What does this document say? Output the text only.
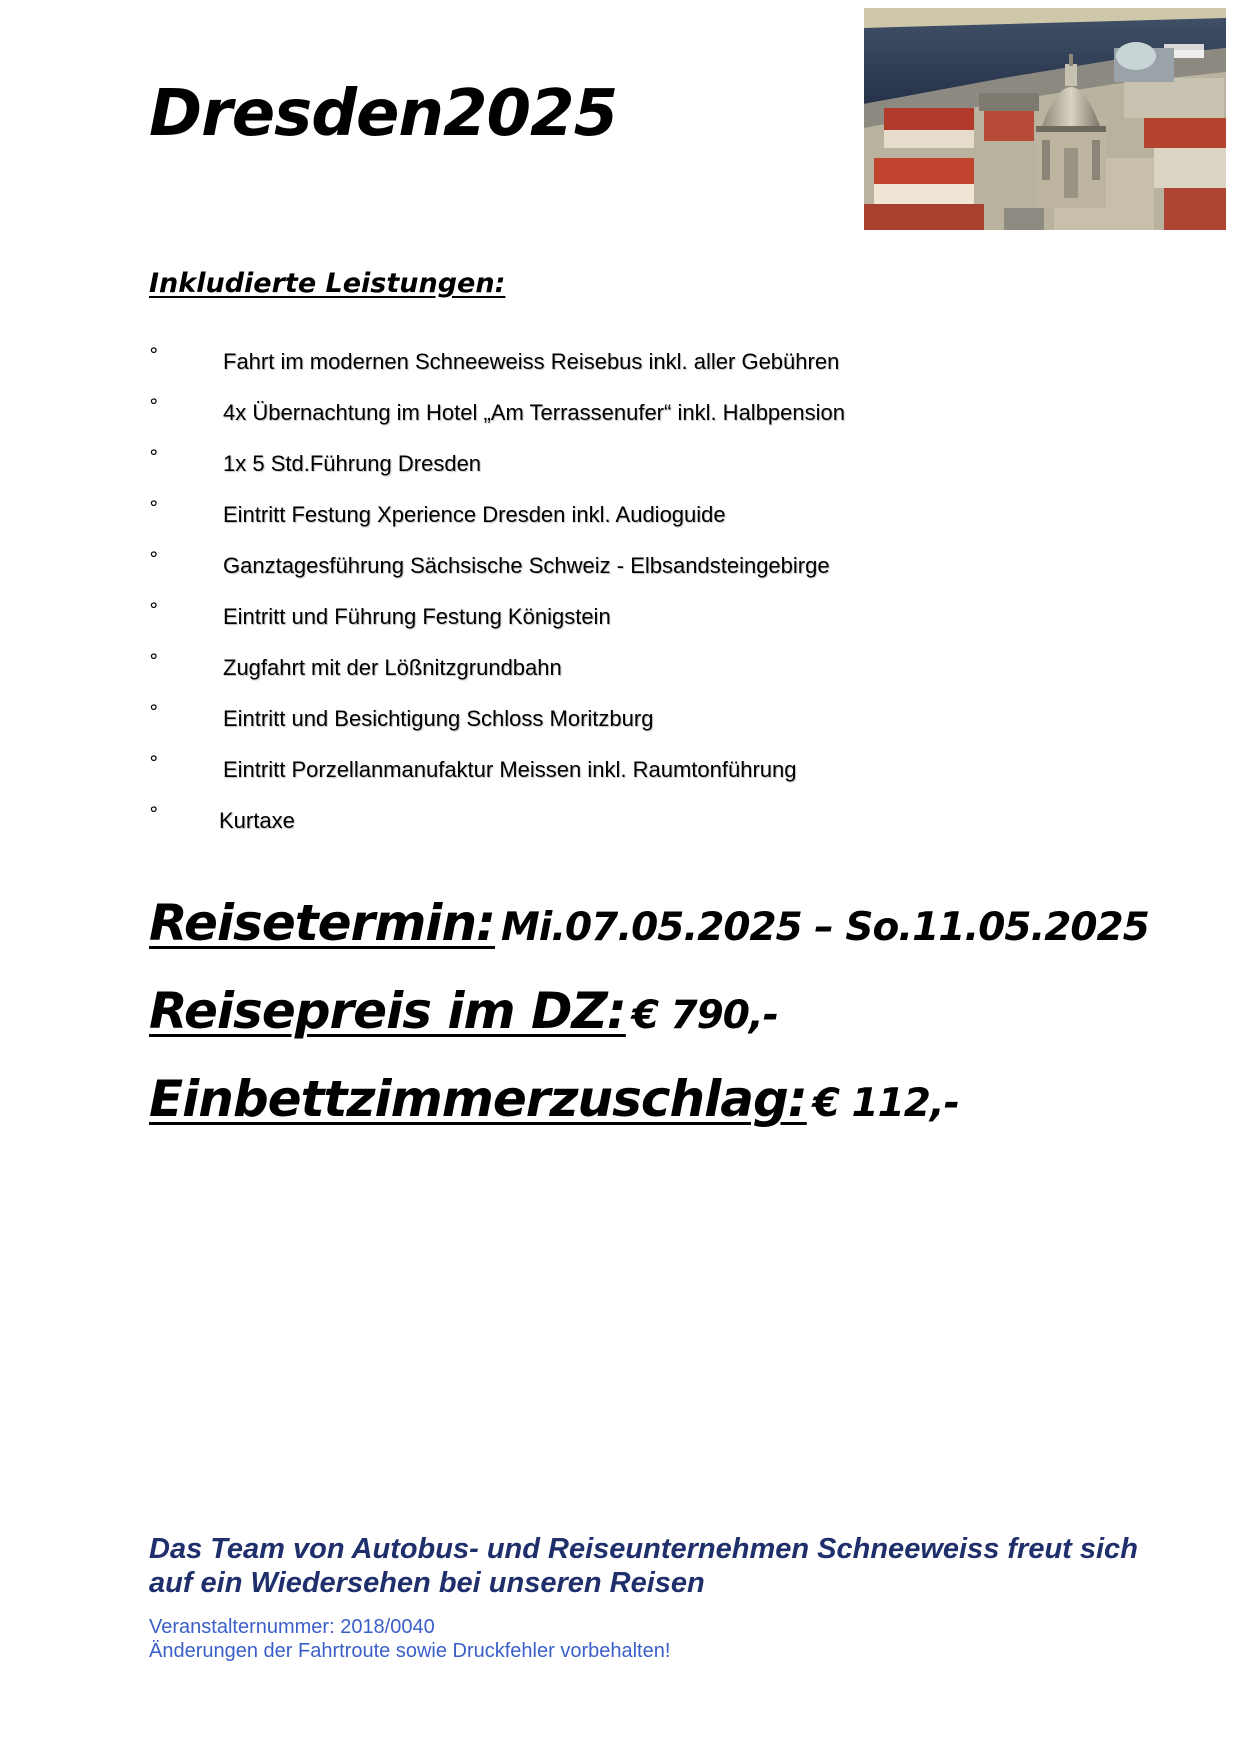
Dresden2025
Inkludierte Leistungen:
°	Fahrt im modernen Schneeweiss Reisebus inkl. aller Gebühren
°	4x Übernachtung im Hotel „Am Terrassenufer“ inkl. Halbpension
°	1x 5 Std.Führung Dresden
°	Eintritt Festung Xperience Dresden inkl. Audioguide
°	Ganztagesführung Sächsische Schweiz - Elbsandsteingebirge
°	Eintritt und Führung Festung Königstein
°	Zugfahrt mit der Lößnitzgrundbahn
°	Eintritt und Besichtigung Schloss Moritzburg
°	Eintritt Porzellanmanufaktur Meissen inkl. Raumtonführung
°	Kurtaxe

Reisetermin: Mi.07.05.2025 – So.11.05.2025

Reisepreis im DZ: € 790,-

Einbettzimmerzuschlag: € 112,-

Das Team von Autobus- und Reiseunternehmen Schneeweiss freut sich auf ein Wiedersehen bei unseren Reisen

Veranstalternummer: 2018/0040

Änderungen der Fahrtroute sowie Druckfehler vorbehalten!
